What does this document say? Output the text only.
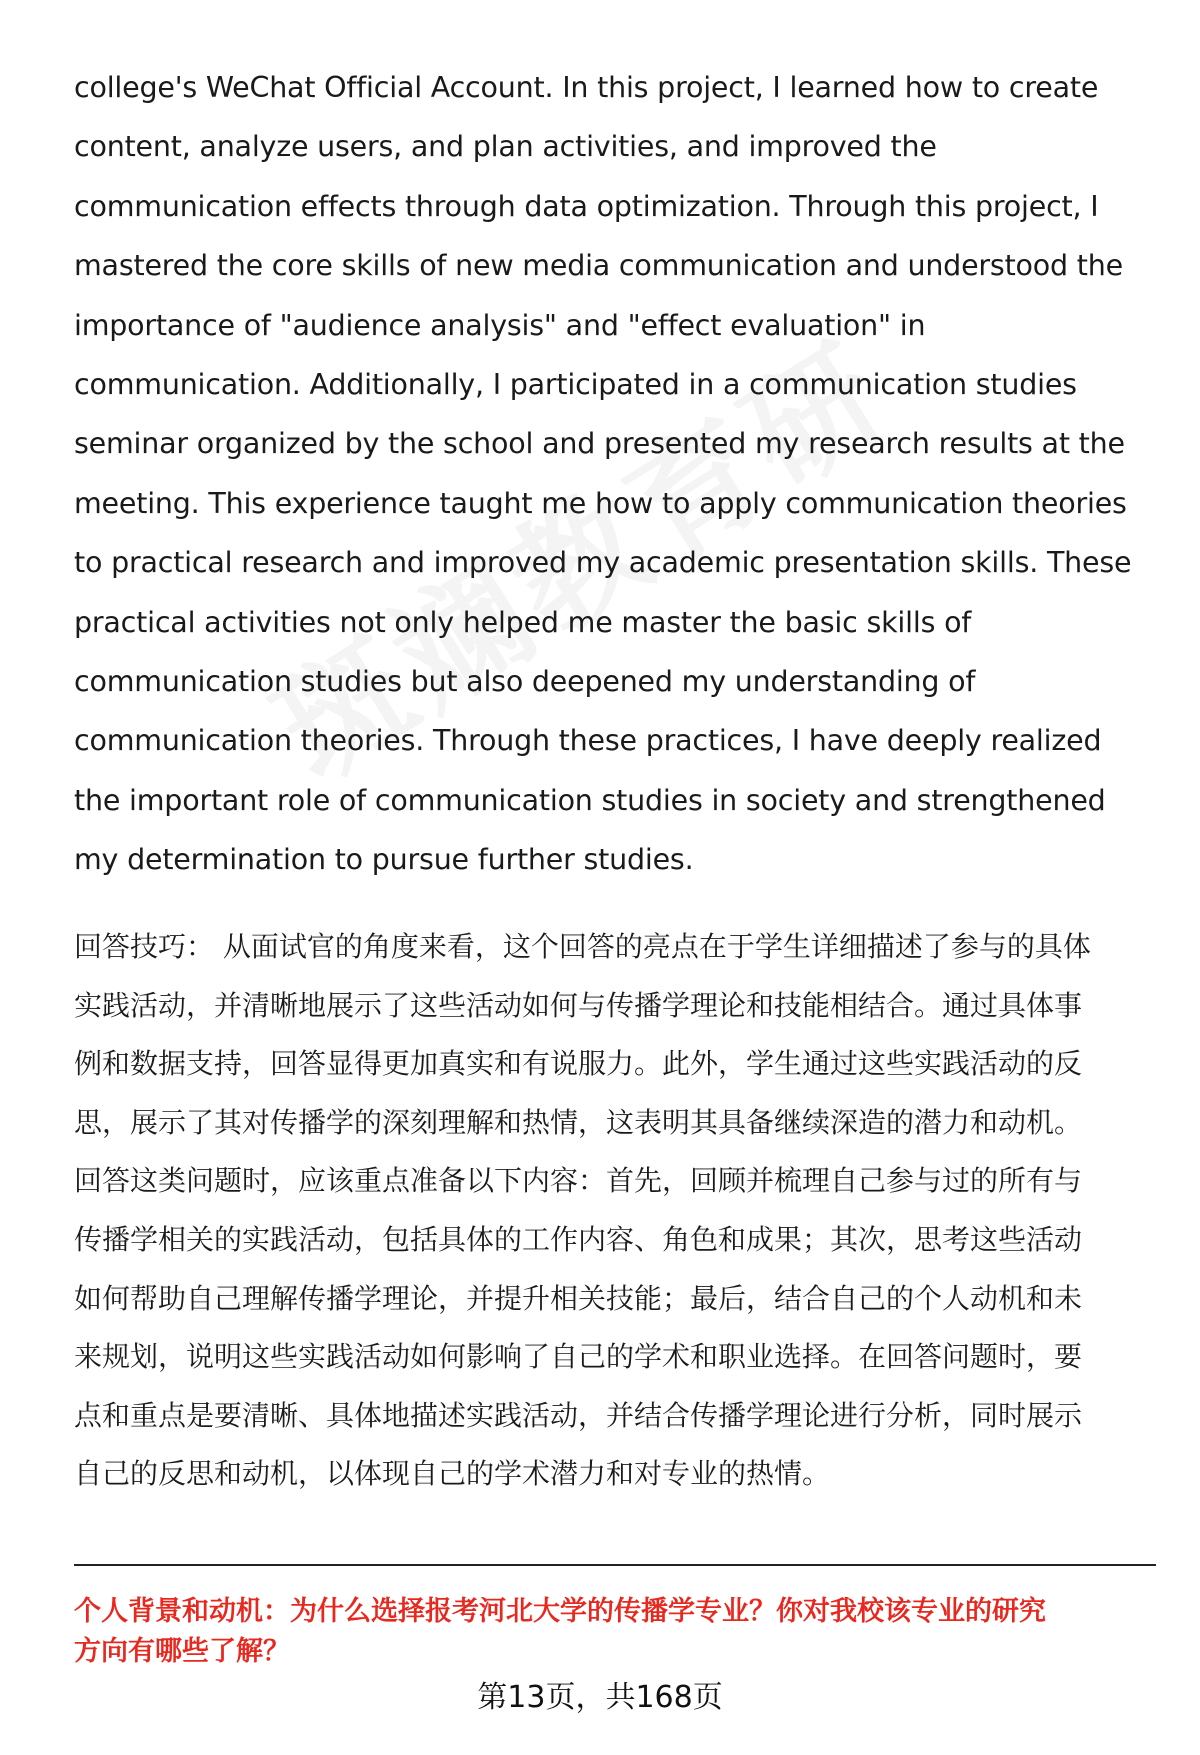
college's WeChat Official Account. In this project, I learned how to create
content, analyze users, and plan activities, and improved the
communication effects through data optimization. Through this project, I
mastered the core skills of new media communication and understood the
importance of "audience analysis" and "effect evaluation" in
communication. Additionally, I participated in a communication studies
seminar organized by the school and presented my research results at the
meeting. This experience taught me how to apply communication theories
to practical research and improved my academic presentation skills. These
practical activities not only helped me master the basic skills of
communication studies but also deepened my understanding of
communication theories. Through these practices, I have deeply realized
the important role of communication studies in society and strengthened
my determination to pursue further studies.

回答技巧： 从面试官的角度来看，这个回答的亮点在于学生详细描述了参与的具体
实践活动，并清晰地展示了这些活动如何与传播学理论和技能相结合。通过具体事
例和数据支持，回答显得更加真实和有说服力。此外，学生通过这些实践活动的反
思，展示了其对传播学的深刻理解和热情，这表明其具备继续深造的潜力和动机。
回答这类问题时，应该重点准备以下内容：首先，回顾并梳理自己参与过的所有与
传播学相关的实践活动，包括具体的工作内容、角色和成果；其次，思考这些活动
如何帮助自己理解传播学理论，并提升相关技能；最后，结合自己的个人动机和未
来规划，说明这些实践活动如何影响了自己的学术和职业选择。在回答问题时，要
点和重点是要清晰、具体地描述实践活动，并结合传播学理论进行分析，同时展示
自己的反思和动机，以体现自己的学术潜力和对专业的热情。

个人背景和动机：为什么选择报考河北大学的传播学专业？你对我校该专业的研究
方向有哪些了解？

第13页，共168页
